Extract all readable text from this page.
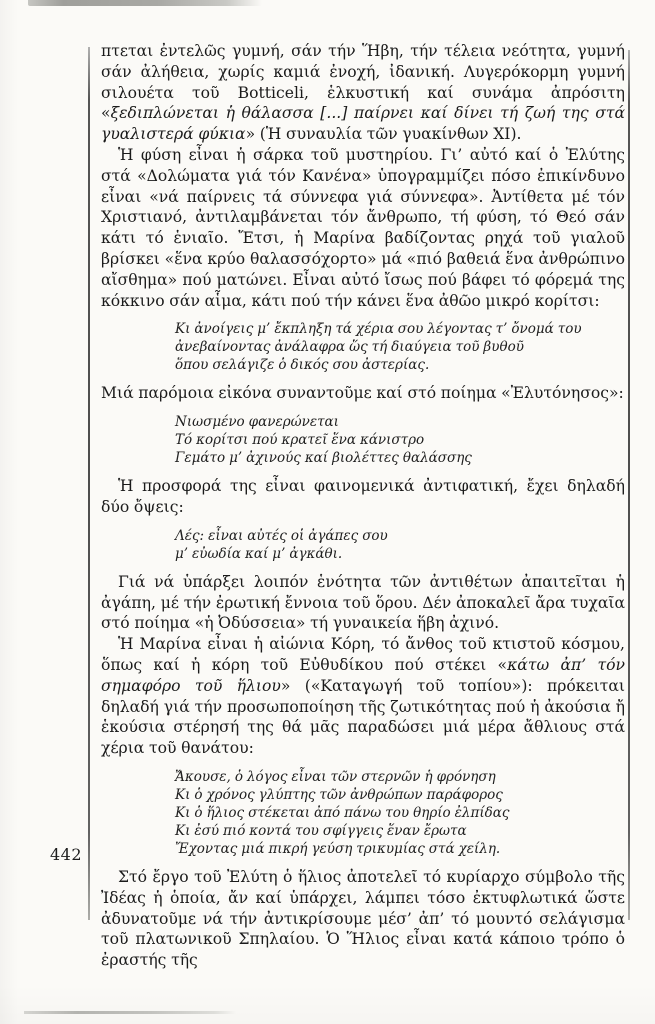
442

πτεται ἐντελῶς γυμνή, σάν τήν Ἥβη, τήν τέλεια νεότητα, γυμνή σάν ἀλήθεια, χωρίς καμιά ἐνοχή, ἰδανική. Λυγερόκορμη γυμνή σιλουέτα τοῦ Botticeli, ἑλκυστική καί συνάμα ἀπρόσιτη «ξεδιπλώνεται ἡ θάλασσα [...] παίρνει καί δίνει τή ζωή της στά γυαλιστερά φύκια» (Ἡ συναυλία τῶν γυακίνθων XI).

Ἡ φύση εἶναι ἡ σάρκα τοῦ μυστηρίου. Γι’ αὐτό καί ὁ Ἐλύτης στά «Δολώματα γιά τόν Κανένα» ὑπογραμμίζει πόσο ἐπικίνδυνο εἶναι «νά παίρνεις τά σύννεφα γιά σύννεφα». Ἀντίθετα μέ τόν Χριστιανό, ἀντιλαμβάνεται τόν ἄνθρωπο, τή φύση, τό Θεό σάν κάτι τό ἑνιαῖο. Ἔτσι, ἡ Μαρίνα βαδίζοντας ρηχά τοῦ γιαλοῦ βρίσκει «ἕνα κρύο θαλασσόχορτο» μά «πιό βαθειά ἕνα ἀνθρώπινο αἴσθημα» πού ματώνει. Εἶναι αὐτό ἴσως πού βάφει τό φόρεμά της κόκκινο σάν αἷμα, κάτι πού τήν κάνει ἕνα ἀθῶο μικρό κορίτσι:

Κι ἀνοίγεις μ’ ἔκπληξη τά χέρια σου λέγοντας τ’ ὄνομά του
ἀνεβαίνοντας ἀνάλαφρα ὥς τή διαύγεια τοῦ βυθοῦ
ὅπου σελάγιζε ὁ δικός σου ἀστερίας.

Μιά παρόμοια εἰκόνα συναντοῦμε καί στό ποίημα «Ἐλυτόνησος»:

Νιωσμένο φανερώνεται
Τό κορίτσι πού κρατεῖ ἕνα κάνιστρο
Γεμάτο μ’ ἀχινούς καί βιολέττες θαλάσσης

Ἡ προσφορά της εἶναι φαινομενικά ἀντιφατική, ἔχει δηλαδή δύο ὄψεις:

Λές: εἶναι αὐτές οἱ ἀγάπες σου
μ’ εὐωδία καί μ’ ἀγκάθι.

Γιά νά ὑπάρξει λοιπόν ἑνότητα τῶν ἀντιθέτων ἀπαιτεῖται ἡ ἀγάπη, μέ τήν ἐρωτική ἔννοια τοῦ ὅρου. Δέν ἀποκαλεῖ ἄρα τυχαῖα στό ποίημα «ἡ Ὀδύσσεια» τή γυναικεία ἥβη ἀχινό.

Ἡ Μαρίνα εἶναι ἡ αἰώνια Κόρη, τό ἄνθος τοῦ κτιστοῦ κόσμου, ὅπως καί ἡ κόρη τοῦ Εὐθυδίκου πού στέκει «κάτω ἀπ’ τόν σημαφόρο τοῦ ἥλιου» («Καταγωγή τοῦ τοπίου»): πρόκειται δηλαδή γιά τήν προσωποποίηση τῆς ζωτικότητας πού ἡ ἀκούσια ἤ ἑκούσια στέρησή της θά μᾶς παραδώσει μιά μέρα ἄθλιους στά χέρια τοῦ θανάτου:

Ἄκουσε, ὁ λόγος εἶναι τῶν στερνῶν ἡ φρόνηση
Κι ὁ χρόνος γλύπτης τῶν ἀνθρώπων παράφορος
Κι ὁ ἥλιος στέκεται ἀπό πάνω του θηρίο ἐλπίδας
Κι ἐσύ πιό κοντά του σφίγγεις ἕναν ἔρωτα
Ἔχοντας μιά πικρή γεύση τρικυμίας στά χείλη.

Στό ἔργο τοῦ Ἐλύτη ὁ ἥλιος ἀποτελεῖ τό κυρίαρχο σύμβολο τῆς Ἰδέας ἡ ὁποία, ἄν καί ὑπάρχει, λάμπει τόσο ἐκτυφλωτικά ὥστε ἀδυνατοῦμε νά τήν ἀντικρίσουμε μέσ’ ἀπ’ τό μουντό σελάγισμα τοῦ πλατωνικοῦ Σπηλαίου. Ὁ Ἥλιος εἶναι κατά κάποιο τρόπο ὁ ἐραστής τῆς
